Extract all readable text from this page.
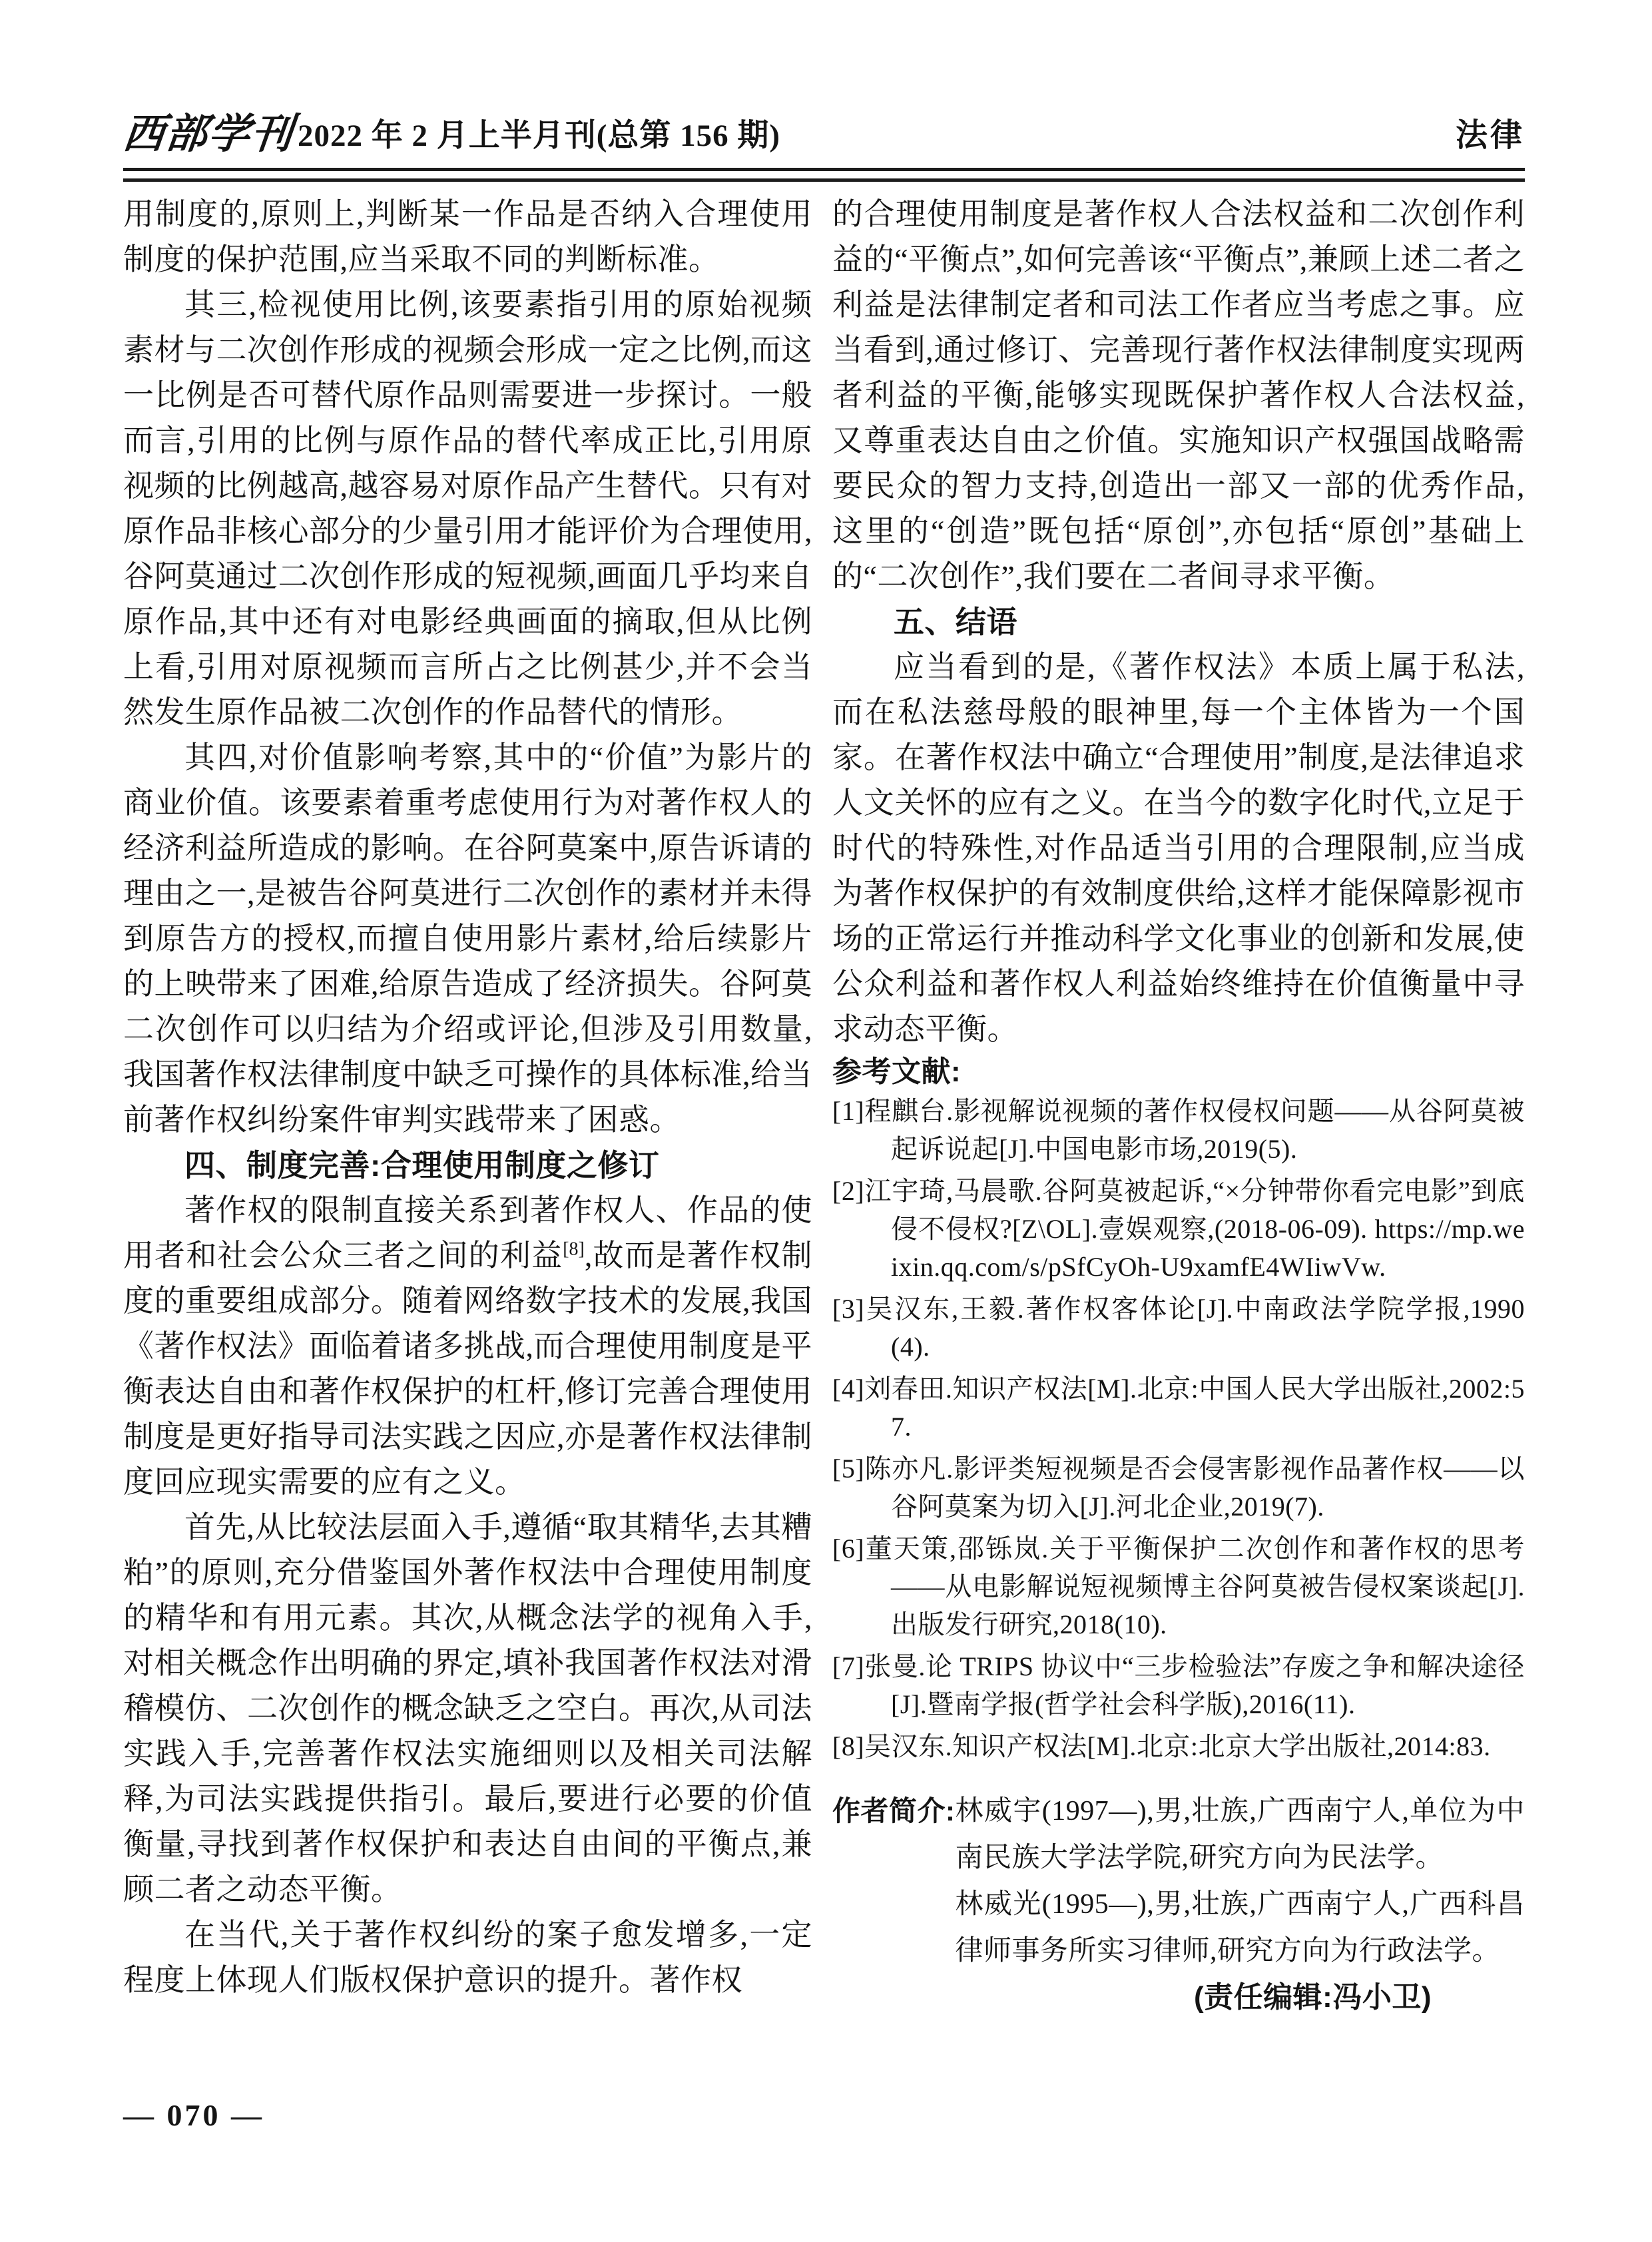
西部学刊 2022 年 2 月上半月刊(总第 156 期)	法律

用制度的,原则上,判断某一作品是否纳入合理使用制度的保护范围,应当采取不同的判断标准。

其三,检视使用比例,该要素指引用的原始视频素材与二次创作形成的视频会形成一定之比例,而这一比例是否可替代原作品则需要进一步探讨。一般而言,引用的比例与原作品的替代率成正比,引用原视频的比例越高,越容易对原作品产生替代。只有对原作品非核心部分的少量引用才能评价为合理使用,谷阿莫通过二次创作形成的短视频,画面几乎均来自原作品,其中还有对电影经典画面的摘取,但从比例上看,引用对原视频而言所占之比例甚少,并不会当然发生原作品被二次创作的作品替代的情形。

其四,对价值影响考察,其中的“价值”为影片的商业价值。该要素着重考虑使用行为对著作权人的经济利益所造成的影响。在谷阿莫案中,原告诉请的理由之一,是被告谷阿莫进行二次创作的素材并未得到原告方的授权,而擅自使用影片素材,给后续影片的上映带来了困难,给原告造成了经济损失。谷阿莫二次创作可以归结为介绍或评论,但涉及引用数量,我国著作权法律制度中缺乏可操作的具体标准,给当前著作权纠纷案件审判实践带来了困惑。

四、制度完善:合理使用制度之修订

著作权的限制直接关系到著作权人、作品的使用者和社会公众三者之间的利益[8],故而是著作权制度的重要组成部分。随着网络数字技术的发展,我国《著作权法》面临着诸多挑战,而合理使用制度是平衡表达自由和著作权保护的杠杆,修订完善合理使用制度是更好指导司法实践之因应,亦是著作权法律制度回应现实需要的应有之义。

首先,从比较法层面入手,遵循“取其精华,去其糟粕”的原则,充分借鉴国外著作权法中合理使用制度的精华和有用元素。其次,从概念法学的视角入手,对相关概念作出明确的界定,填补我国著作权法对滑稽模仿、二次创作的概念缺乏之空白。再次,从司法实践入手,完善著作权法实施细则以及相关司法解释,为司法实践提供指引。最后,要进行必要的价值衡量,寻找到著作权保护和表达自由间的平衡点,兼顾二者之动态平衡。

在当代,关于著作权纠纷的案子愈发增多,一定程度上体现人们版权保护意识的提升。著作权

的合理使用制度是著作权人合法权益和二次创作利益的“平衡点”,如何完善该“平衡点”,兼顾上述二者之利益是法律制定者和司法工作者应当考虑之事。应当看到,通过修订、完善现行著作权法律制度实现两者利益的平衡,能够实现既保护著作权人合法权益,又尊重表达自由之价值。实施知识产权强国战略需要民众的智力支持,创造出一部又一部的优秀作品,这里的“创造”既包括“原创”,亦包括“原创”基础上的“二次创作”,我们要在二者间寻求平衡。

五、结语

应当看到的是,《著作权法》本质上属于私法,而在私法慈母般的眼神里,每一个主体皆为一个国家。在著作权法中确立“合理使用”制度,是法律追求人文关怀的应有之义。在当今的数字化时代,立足于时代的特殊性,对作品适当引用的合理限制,应当成为著作权保护的有效制度供给,这样才能保障影视市场的正常运行并推动科学文化事业的创新和发展,使公众利益和著作权人利益始终维持在价值衡量中寻求动态平衡。

参考文献:

[1]程麒台.影视解说视频的著作权侵权问题——从谷阿莫被起诉说起[J].中国电影市场,2019(5).
[2]江宇琦,马晨歌.谷阿莫被起诉,“×分钟带你看完电影”到底侵不侵权?[Z\OL].壹娱观察,(2018-06-09). https://mp.weixin.qq.com/s/pSfCyOh-U9xamfE4WIiwVw.
[3]吴汉东,王毅.著作权客体论[J].中南政法学院学报,1990(4).
[4]刘春田.知识产权法[M].北京:中国人民大学出版社,2002:57.
[5]陈亦凡.影评类短视频是否会侵害影视作品著作权——以谷阿莫案为切入[J].河北企业,2019(7).
[6]董天策,邵铄岚.关于平衡保护二次创作和著作权的思考——从电影解说短视频博主谷阿莫被告侵权案谈起[J].出版发行研究,2018(10).
[7]张曼.论 TRIPS 协议中“三步检验法”存废之争和解决途径[J].暨南学报(哲学社会科学版),2016(11).
[8]吴汉东.知识产权法[M].北京:北京大学出版社,2014:83.
作者简介: 林威宇(1997—),男,壮族,广西南宁人,单位为中南民族大学法学院,研究方向为民法学。

林威光(1995—),男,壮族,广西南宁人,广西科昌律师事务所实习律师,研究方向为行政法学。

(责任编辑:冯小卫)

— 070 —
